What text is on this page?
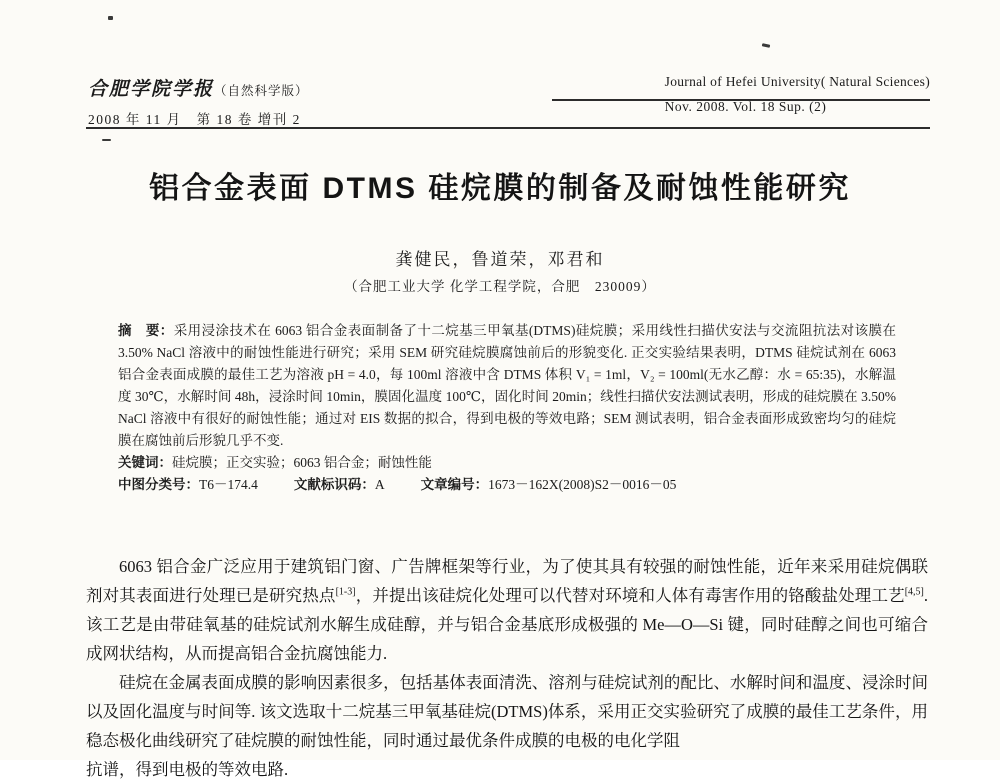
合肥学院学报（自然科学版）
2008 年 11 月　第 18 卷 增刊 2
Journal of Hefei University( Natural Sciences)
Nov. 2008. Vol. 18 Sup. (2)
铝合金表面 DTMS 硅烷膜的制备及耐蚀性能研究
龚健民，鲁道荣，邓君和
（合肥工业大学 化学工程学院，合肥　230009）

摘　要：采用浸涂技术在 6063 铝合金表面制备了十二烷基三甲氧基(DTMS)硅烷膜；采用线性扫描伏安法与交流阻抗法对该膜在 3.50% NaCl 溶液中的耐蚀性能进行研究；采用 SEM 研究硅烷膜腐蚀前后的形貌变化. 正交实验结果表明，DTMS 硅烷试剂在 6063 铝合金表面成膜的最佳工艺为溶液 pH = 4.0，每 100ml 溶液中含 DTMS 体积 V₁ = 1ml，V₂ = 100ml(无水乙醇：水 = 65:35)，水解温度 30℃，水解时间 48h，浸涂时间 10min，膜固化温度 100℃，固化时间 20min；线性扫描伏安法测试表明，形成的硅烷膜在 3.50% NaCl 溶液中有很好的耐蚀性能；通过对 EIS 数据的拟合，得到电极的等效电路；SEM 测试表明，铝合金表面形成致密均匀的硅烷膜在腐蚀前后形貌几乎不变.

关键词：硅烷膜；正交实验；6063 铝合金；耐蚀性能

中图分类号：T6－174.4	文献标识码：A	文章编号：1673－162X(2008)S2－0016－05

6063 铝合金广泛应用于建筑铝门窗、广告牌框架等行业，为了使其具有较强的耐蚀性能，近年来采用硅烷偶联剂对其表面进行处理已是研究热点[1-3]，并提出该硅烷化处理可以代替对环境和人体有毒害作用的铬酸盐处理工艺[4,5]. 该工艺是由带硅氧基的硅烷试剂水解生成硅醇，并与铝合金基底形成极强的 Me—O—Si 键，同时硅醇之间也可缩合成网状结构，从而提高铝合金抗腐蚀能力.

硅烷在金属表面成膜的影响因素很多，包括基体表面清洗、溶剂与硅烷试剂的配比、水解时间和温度、浸涂时间以及固化温度与时间等. 该文选取十二烷基三甲氧基硅烷(DTMS)体系，采用正交实验研究了成膜的最佳工艺条件，用稳态极化曲线研究了硅烷膜的耐蚀性能，同时通过最优条件成膜的电极的电化学阻

抗谱，得到电极的等效电路.
